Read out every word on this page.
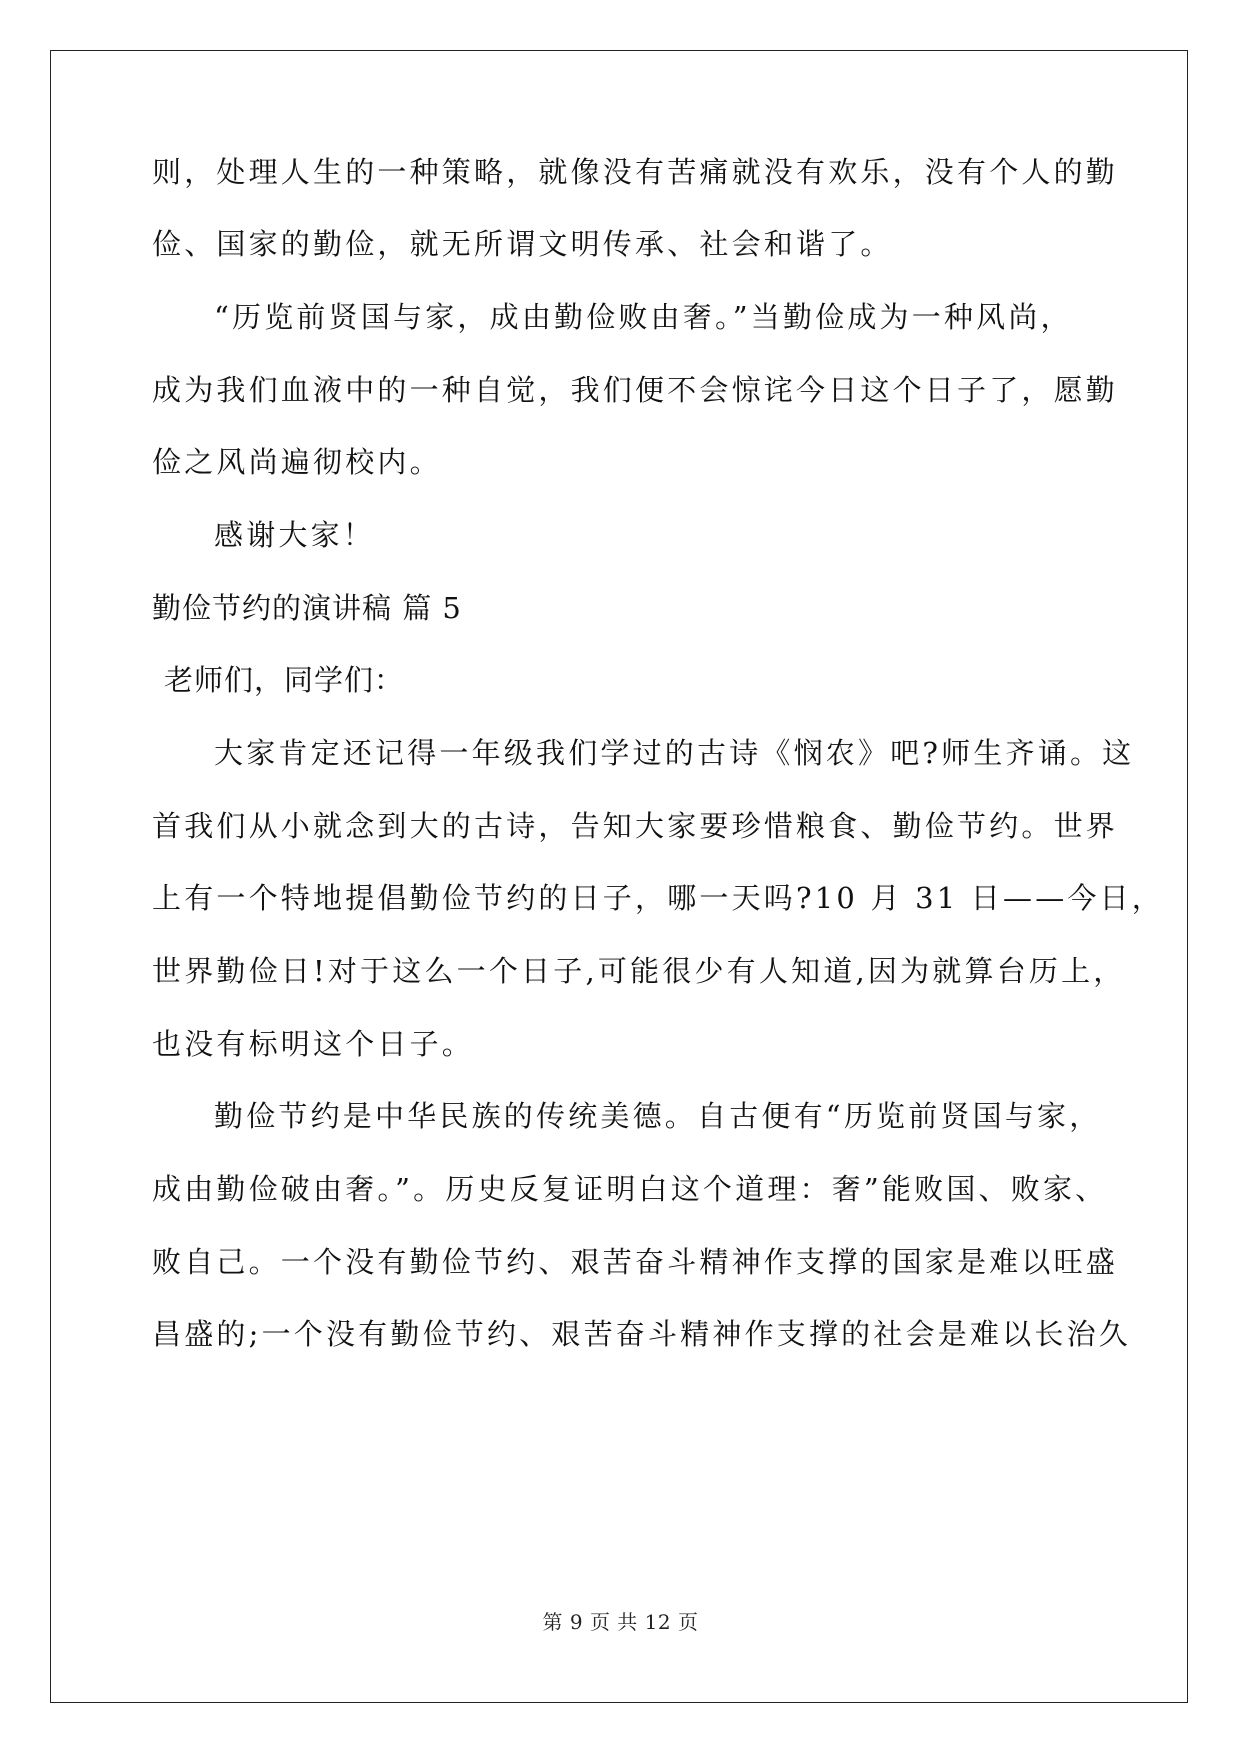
则，处理人生的一种策略，就像没有苦痛就没有欢乐，没有个人的勤
俭、国家的勤俭，就无所谓文明传承、社会和谐了。
“历览前贤国与家，成由勤俭败由奢。”当勤俭成为一种风尚，
成为我们血液中的一种自觉，我们便不会惊诧今日这个日子了，愿勤
俭之风尚遍彻校内。
感谢大家！
勤俭节约的演讲稿 篇 5
老师们，同学们：
大家肯定还记得一年级我们学过的古诗《悯农》吧?师生齐诵。这
首我们从小就念到大的古诗，告知大家要珍惜粮食、勤俭节约。世界
上有一个特地提倡勤俭节约的日子，哪一天吗?10 月 31 日——今日，
世界勤俭日!对于这么一个日子,可能很少有人知道,因为就算台历上，
也没有标明这个日子。
勤俭节约是中华民族的传统美德。自古便有“历览前贤国与家，
成由勤俭破由奢。”。历史反复证明白这个道理：奢”能败国、败家、
败自己。一个没有勤俭节约、艰苦奋斗精神作支撑的国家是难以旺盛
昌盛的;一个没有勤俭节约、艰苦奋斗精神作支撑的社会是难以长治久
第 9 页 共 12 页
